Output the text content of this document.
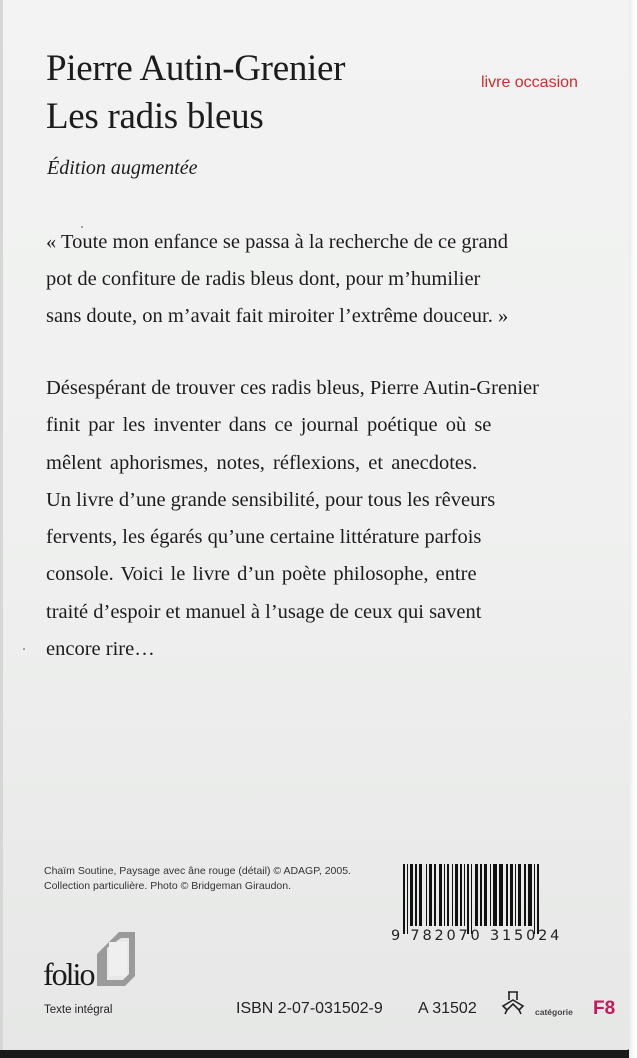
Pierre Autin-Grenier
Les radis bleus
Édition augmentée
livre occasion
« Toute mon enfance se passa à la recherche de ce grand
pot de confiture de radis bleus dont, pour m’humilier
sans doute, on m’avait fait miroiter l’extrême douceur. »
Désespérant de trouver ces radis bleus, Pierre Autin-Grenier
finit par les inventer dans ce journal poétique où se
mêlent aphorismes, notes, réflexions, et anecdotes.
Un livre d’une grande sensibilité, pour tous les rêveurs
fervents, les égarés qu’une certaine littérature parfois
console. Voici le livre d’un poète philosophe, entre
traité d’espoir et manuel à l’usage de ceux qui savent
encore rire…
Chaïm Soutine, Paysage avec âne rouge (détail) © ADAGP, 2005.
Collection particulière. Photo © Bridgeman Giraudon.
9 782070 315024
folio
Texte intégral	ISBN 2-07-031502-9 A 31502	catégorie F8
